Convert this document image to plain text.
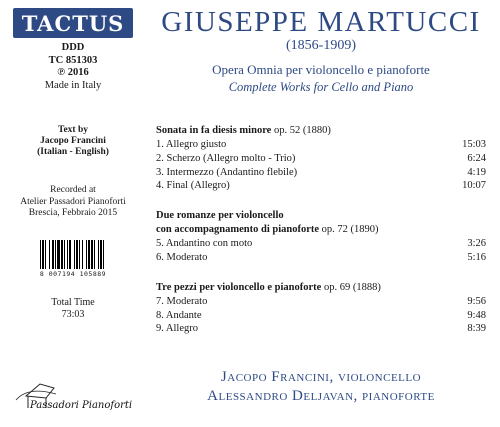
TACTUS
DDD
TC 851303
℗ 2016
Made in Italy
Text by
Jacopo Francini
(Italian - English)
Recorded at
Atelier Passadori Pianoforti
Brescia, Febbraio 2015
8 007194 105889
Total Time
73:03
Passadori Pianoforti
GIUSEPPE MARTUCCI
(1856-1909)
Opera Omnia per violoncello e pianoforte
Complete Works for Cello and Piano
Sonata in fa diesis minore op. 52 (1880)
1. Allegro giusto	15:03
2. Scherzo (Allegro molto - Trio)	6:24
3. Intermezzo (Andantino flebile)	4:19
4. Final (Allegro)	10:07
Due romanze per violoncello
con accompagnamento di pianoforte op. 72 (1890)
5. Andantino con moto	3:26
6. Moderato	5:16
Tre pezzi per violoncello e pianoforte op. 69 (1888)
7. Moderato	9:56
8. Andante	9:48
9. Allegro	8:39
Jacopo Francini, violoncello
Alessandro Deljavan, pianoforte
